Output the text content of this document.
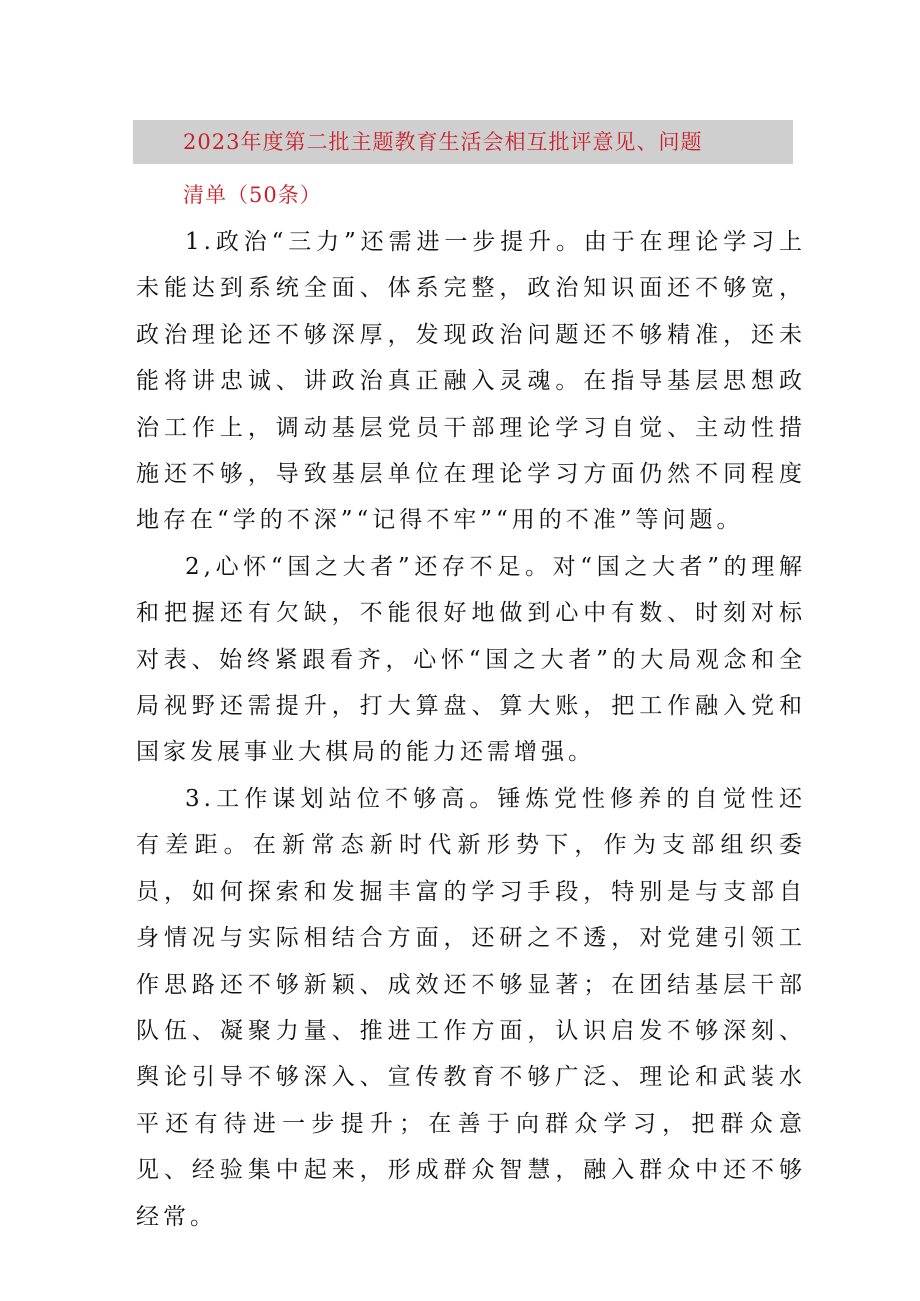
2023年度第二批主题教育生活会相互批评意见、问题
清单（50条）

1.政治“三力”还需进一步提升。由于在理论学习上未能达到系统全面、体系完整，政治知识面还不够宽，政治理论还不够深厚，发现政治问题还不够精准，还未能将讲忠诚、讲政治真正融入灵魂。在指导基层思想政治工作上，调动基层党员干部理论学习自觉、主动性措施还不够，导致基层单位在理论学习方面仍然不同程度地存在“学的不深”“记得不牢”“用的不准”等问题。

2,心怀“国之大者”还存不足。对“国之大者”的理解和把握还有欠缺，不能很好地做到心中有数、时刻对标对表、始终紧跟看齐，心怀“国之大者”的大局观念和全局视野还需提升，打大算盘、算大账，把工作融入党和国家发展事业大棋局的能力还需增强。

3.工作谋划站位不够高。锤炼党性修养的自觉性还有差距。在新常态新时代新形势下，作为支部组织委员，如何探索和发掘丰富的学习手段，特别是与支部自身情况与实际相结合方面，还研之不透，对党建引领工作思路还不够新颖、成效还不够显著；在团结基层干部队伍、凝聚力量、推进工作方面，认识启发不够深刻、舆论引导不够深入、宣传教育不够广泛、理论和武装水平还有待进一步提升；在善于向群众学习，把群众意见、经验集中起来，形成群众智慧，融入群众中还不够经常。
